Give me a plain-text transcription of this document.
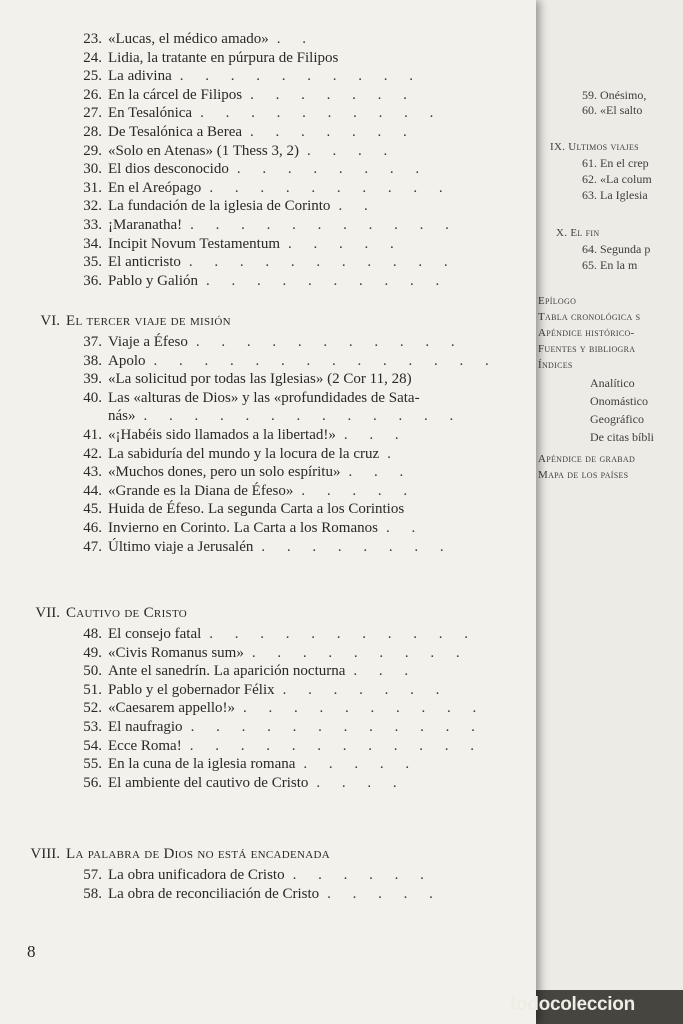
59. Onésimo,
60. «El salto
IX. Ultimos viajes
61. En el crep
62. «La colum
63. La Iglesia
X. El fin
64. Segunda p
65. En la m
Epílogo
Tabla cronológica s
Apéndice histórico-
Fuentes y bibliogra
Índices
Analítico
Onomástico
Geográfico
De citas bíbli
Apéndice de grabad
Mapa de los países
23. «Lucas, el médico amado» . .
24. Lidia, la tratante en púrpura de Filipos
25. La adivina . . . . . . . . . .
26. En la cárcel de Filipos . . . . . . .
27. En Tesalónica . . . . . . . . . .
28. De Tesalónica a Berea . . . . . . .
29. «Solo en Atenas» (1 Thess 3, 2) . . . .
30. El dios desconocido . . . . . . . .
31. En el Areópago . . . . . . . . . .
32. La fundación de la iglesia de Corinto . .
33. ¡Maranatha! . . . . . . . . . . .
34. Incipit Novum Testamentum . . . . .
35. El anticristo . . . . . . . . . . .
36. Pablo y Galión . . . . . . . . . .
VI. El tercer viaje de misión
37. Viaje a Éfeso . . . . . . . . . . .
38. Apolo . . . . . . . . . . . . . .
39. «La solicitud por todas las Iglesias» (2 Cor 11, 28)
40. Las «alturas de Dios» y las «profundidades de Sata-
nás» . . . . . . . . . . . . .
41. «¡Habéis sido llamados a la libertad!» . . .
42. La sabiduría del mundo y la locura de la cruz .
43. «Muchos dones, pero un solo espíritu» . . .
44. «Grande es la Diana de Éfeso» . . . . .
45. Huida de Éfeso. La segunda Carta a los Corintios
46. Invierno en Corinto. La Carta a los Romanos . .
47. Último viaje a Jerusalén . . . . . . . .
VII. Cautivo de Cristo
48. El consejo fatal . . . . . . . . . . .
49. «Civis Romanus sum» . . . . . . . . .
50. Ante el sanedrín. La aparición nocturna . . .
51. Pablo y el gobernador Félix . . . . . . .
52. «Caesarem appello!» . . . . . . . . . .
53. El naufragio . . . . . . . . . . . .
54. Ecce Roma! . . . . . . . . . . . .
55. En la cuna de la iglesia romana . . . . .
56. El ambiente del cautivo de Cristo . . . .
VIII. La palabra de Dios no está encadenada
57. La obra unificadora de Cristo . . . . . .
58. La obra de reconciliación de Cristo . . . . .
8
todocoleccion
